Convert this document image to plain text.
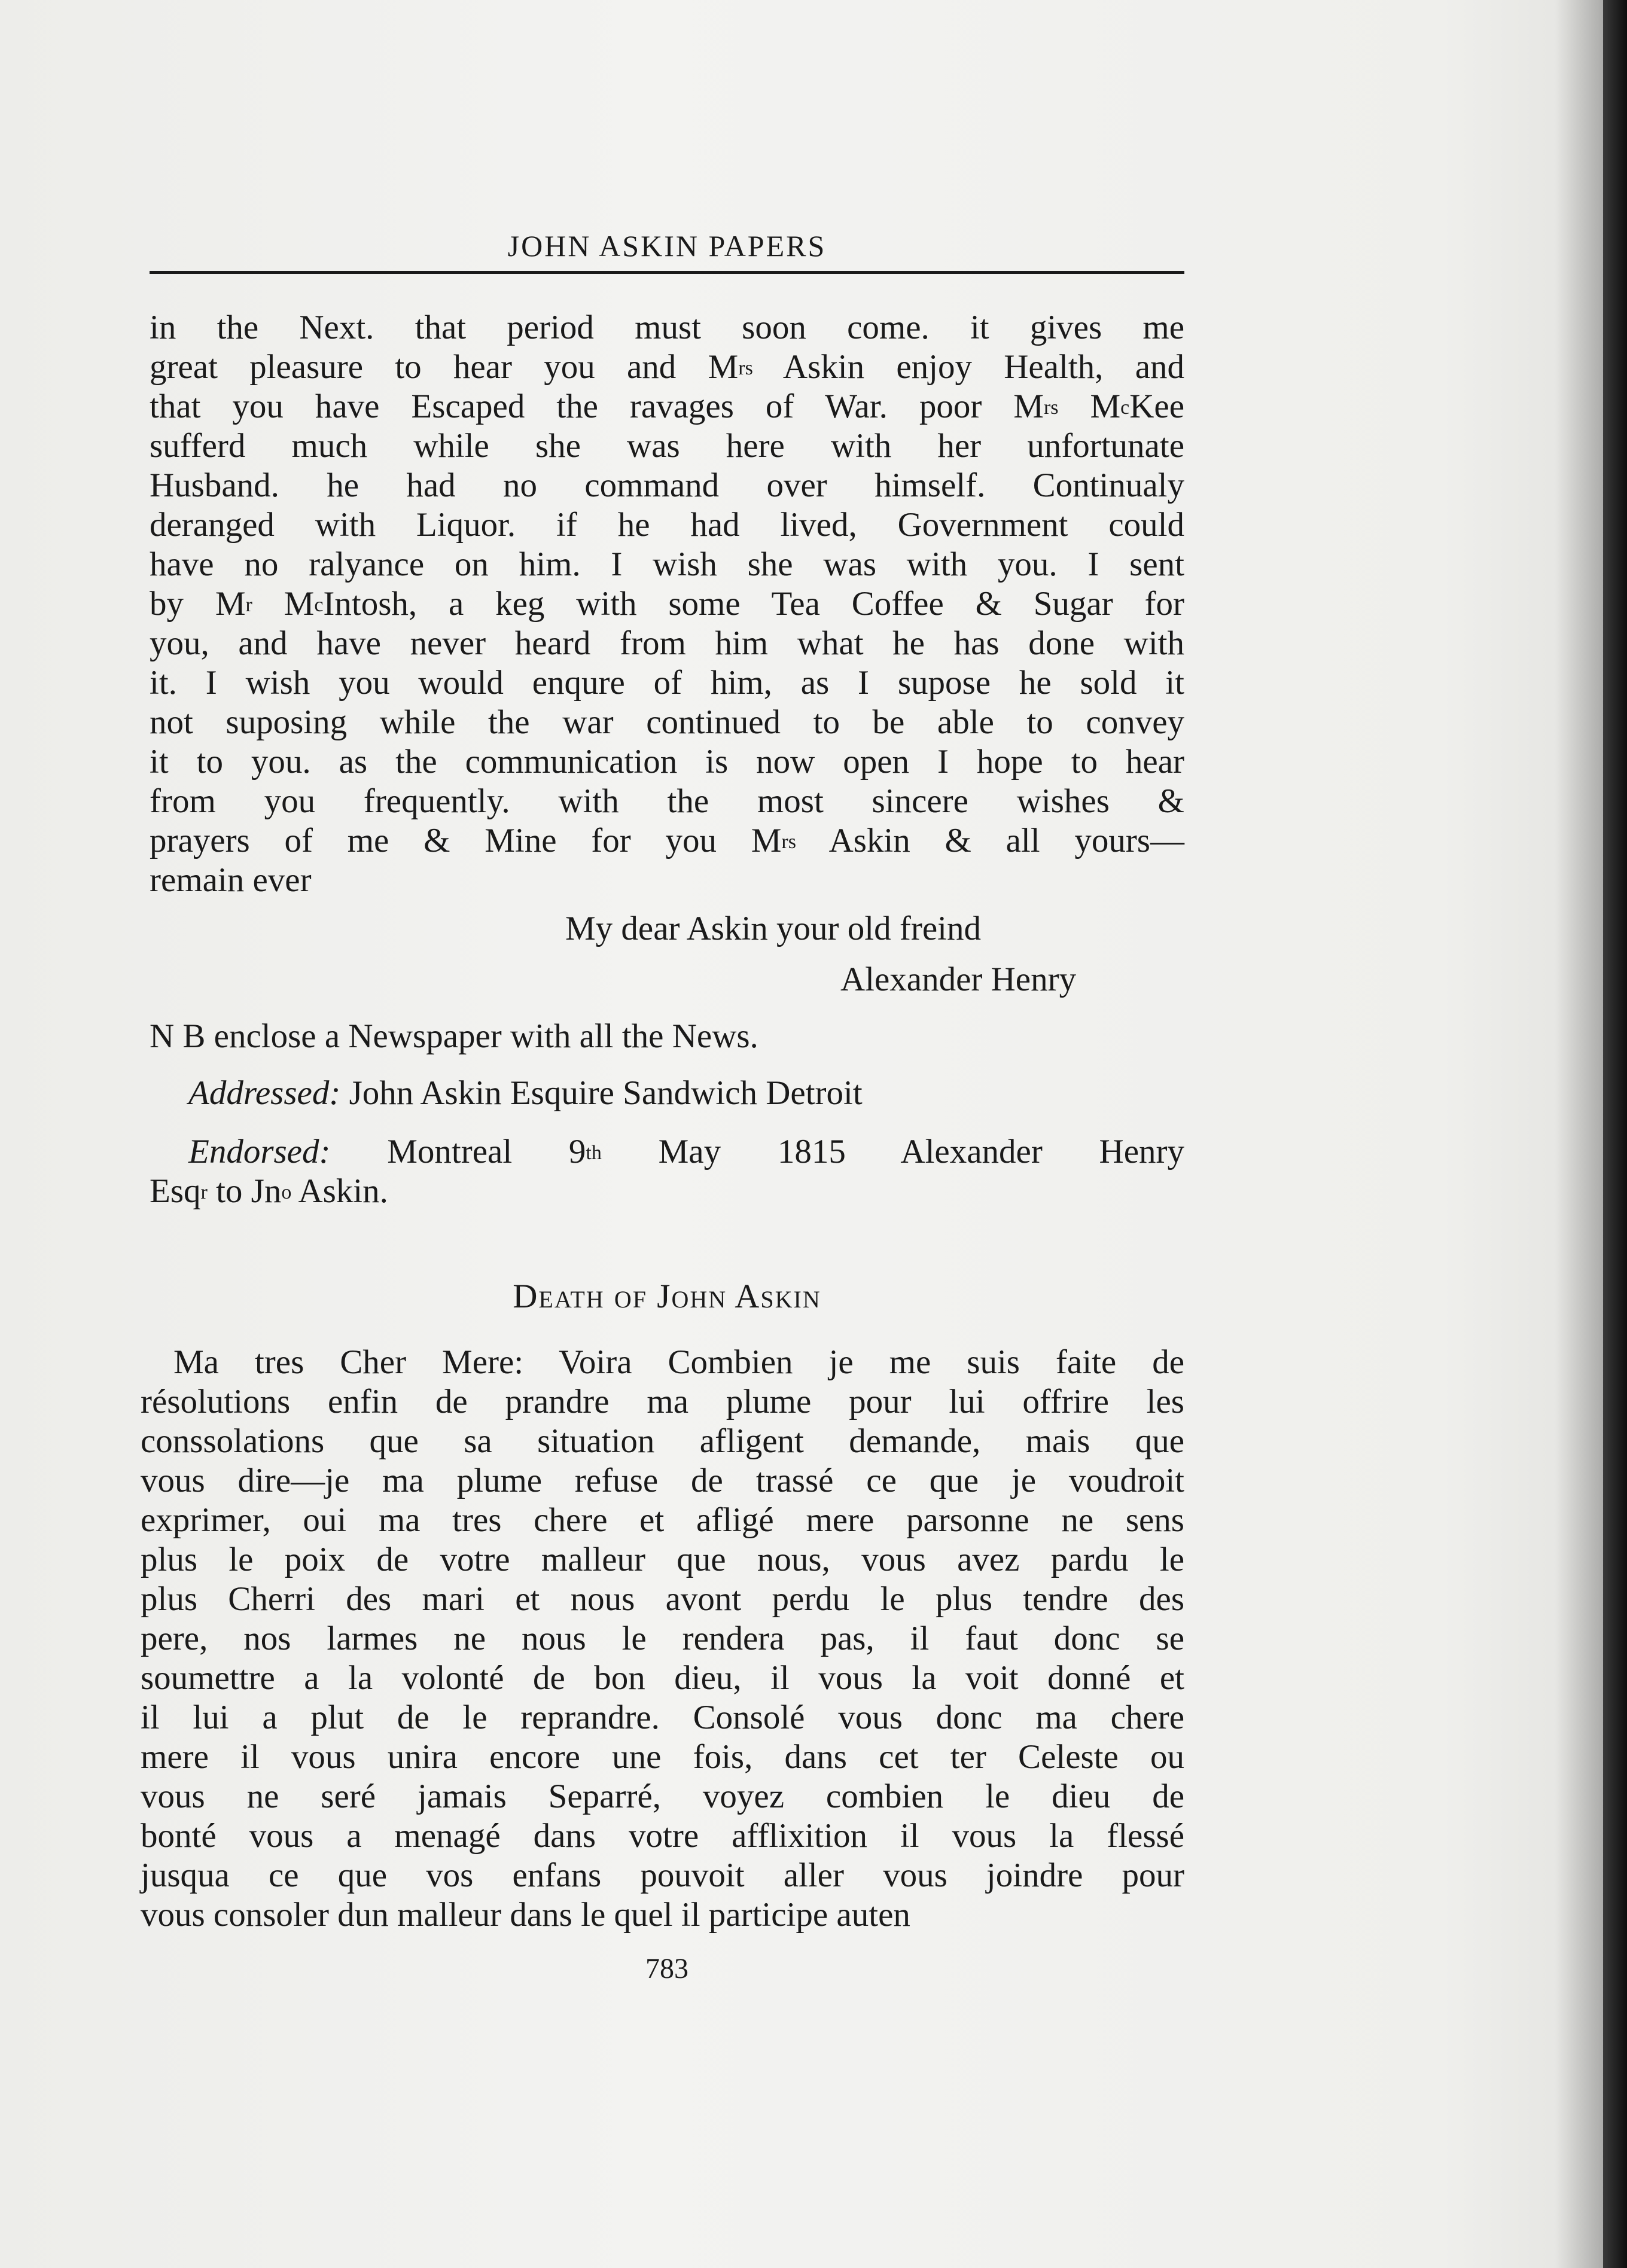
JOHN ASKIN PAPERS
in the Next. that period must soon come. it gives me
great pleasure to hear you and $M^{rs}$ Askin enjoy Health, and
that you have Escaped the ravages of War. poor $M^{rs}$ $M^cKee$
sufferd much while she was here with her unfortunate
Husband. he had no command over himself. Continualy
deranged with Liquor. if he had lived, Government could
have no ralyance on him. I wish she was with you. I sent
by $M^r$ $M^cIntosh$, a keg with some Tea Coffee & Sugar for
you, and have never heard from him what he has done with
it. I wish you would enqure of him, as I supose he sold it
not suposing while the war continued to be able to convey
it to you. as the communication is now open I hope to hear
from you frequently. with the most sincere wishes &
prayers of me & Mine for you $M^{rs}$ Askin & all yours—
remain ever
My dear Askin your old freind
Alexander Henry
N B enclose a Newspaper with all the News.
Addressed: John Askin Esquire Sandwich Detroit
Endorsed: Montreal 9th May 1815 Alexander Henry
Esq$^r$ to Jn$^o$ Askin.
Death of John Askin
Ma tres Cher Mere: Voira Combien je me suis faite de
résolutions enfin de prandre ma plume pour lui offrire les
conssolations que sa situation afligent demande, mais que
vous dire—je ma plume refuse de trassé ce que je voudroit
exprimer, oui ma tres chere et afligé mere parsonne ne sens
plus le poix de votre malleur que nous, vous avez pardu le
plus Cherri des mari et nous avont perdu le plus tendre des
pere, nos larmes ne nous le rendera pas, il faut donc se
soumettre a la volonté de bon dieu, il vous la voit donné et
il lui a plut de le reprandre. Consolé vous donc ma chere
mere il vous unira encore une fois, dans cet ter Celeste ou
vous ne seré jamais Separré, voyez combien le dieu de
bonté vous a menagé dans votre afflixition il vous la flessé
jusqua ce que vos enfans pouvoit aller vous joindre pour
vous consoler dun malleur dans le quel il participe auten
783
